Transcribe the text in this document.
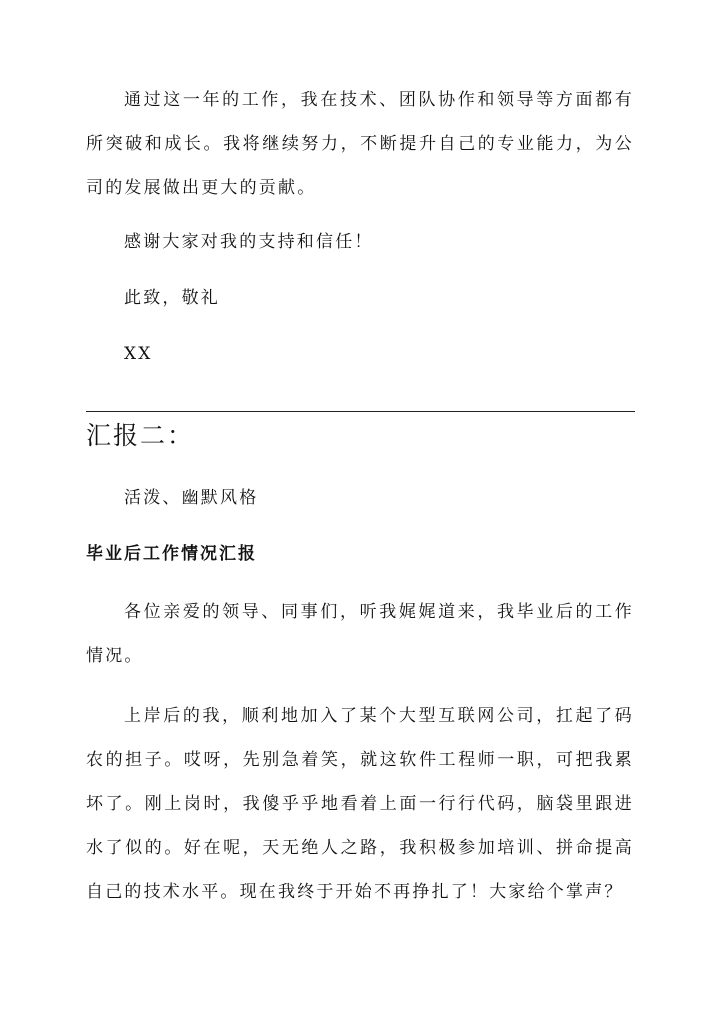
通过这一年的工作，我在技术、团队协作和领导等方面都有所突破和成长。我将继续努力，不断提升自己的专业能力，为公司的发展做出更大的贡献。

感谢大家对我的支持和信任！

此致，敬礼

XX

汇报二：

活泼、幽默风格

毕业后工作情况汇报

各位亲爱的领导、同事们，听我娓娓道来，我毕业后的工作情况。

上岸后的我，顺利地加入了某个大型互联网公司，扛起了码农的担子。哎呀，先别急着笑，就这软件工程师一职，可把我累坏了。刚上岗时，我傻乎乎地看着上面一行行代码，脑袋里跟进水了似的。好在呢，天无绝人之路，我积极参加培训、拼命提高自己的技术水平。现在我终于开始不再挣扎了！大家给个掌声？
